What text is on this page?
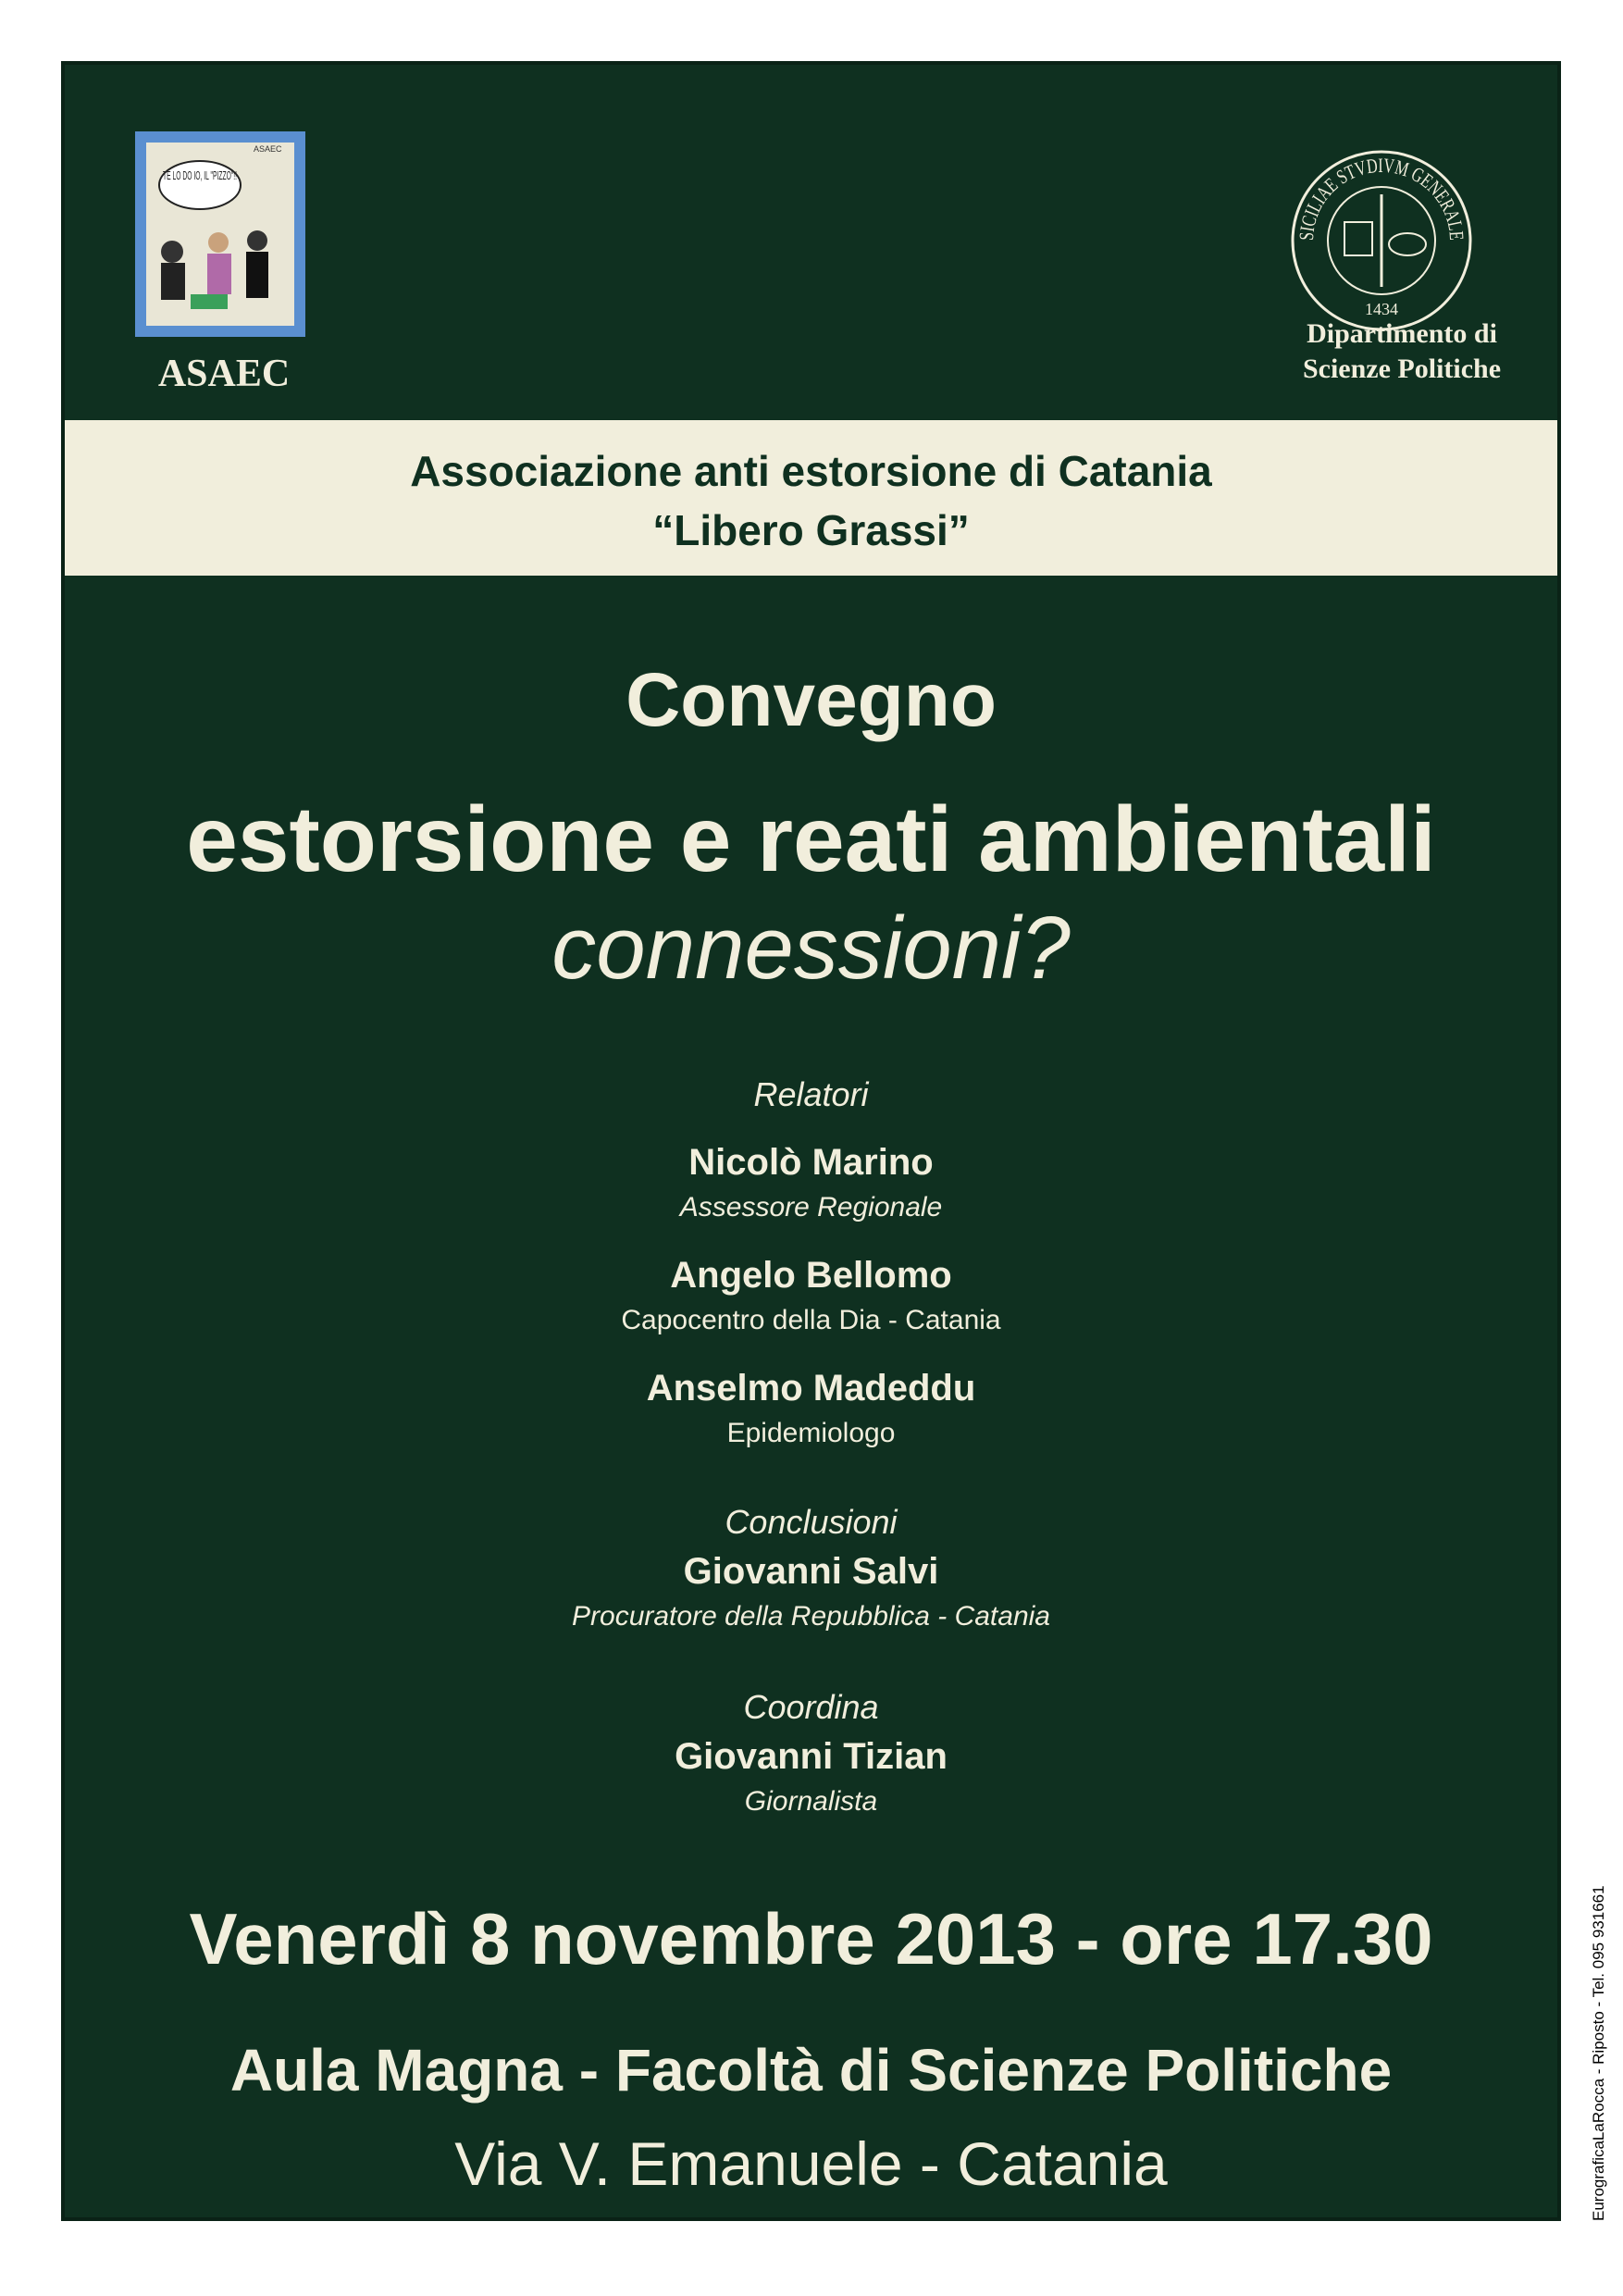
TE LO DO IO, IL "PIZZO"!!
ASAEC
ASAEC
SICILIAE STVDIVM GENERALE
1434
Dipartimento di
Scienze Politiche
Associazione anti estorsione di Catania
“Libero Grassi”
Convegno
estorsione e reati ambientali
connessioni?
Relatori
Nicolò Marino
Assessore Regionale
Angelo Bellomo
Capocentro della Dia - Catania
Anselmo Madeddu
Epidemiologo
Conclusioni
Giovanni Salvi
Procuratore della Repubblica - Catania
Coordina
Giovanni Tizian
Giornalista
Venerdì 8 novembre 2013 - ore 17.30
Aula Magna - Facoltà di Scienze Politiche
Via V. Emanuele - Catania	EurograficaLaRocca - Riposto - Tel. 095 931661
